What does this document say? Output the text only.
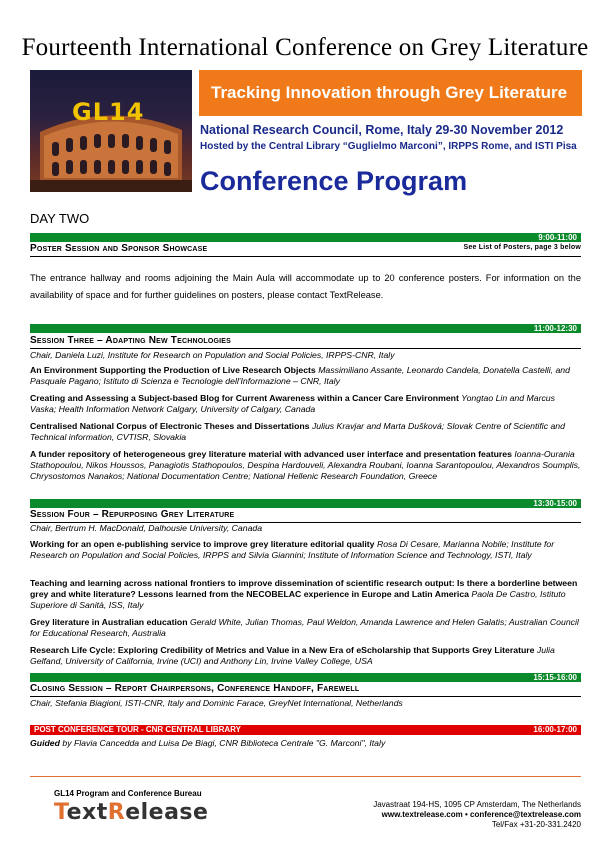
Fourteenth International Conference on Grey Literature
GL14
Tracking Innovation through Grey Literature
National Research Council, Rome, Italy 29-30 November 2012
Hosted by the Central Library “Guglielmo Marconi”, IRPPS Rome, and ISTI Pisa
Conference Program
DAY TWO
9:00-11:00
Poster Session and Sponsor Showcase	See List of Posters, page 3 below
The entrance hallway and rooms adjoining the Main Aula will accommodate up to 20 conference posters. For information on the availability of space and for further guidelines on posters, please contact TextRelease.
11:00-12:30
Session Three – Adapting New Technologies
Chair, Daniela Luzi, Institute for Research on Population and Social Policies, IRPPS-CNR, Italy
An Environment Supporting the Production of Live Research Objects Massimiliano Assante, Leonardo Candela, Donatella Castelli, and Pasquale Pagano; Istituto di Scienza e Tecnologie dell'Informazione – CNR, Italy
Creating and Assessing a Subject-based Blog for Current Awareness within a Cancer Care Environment Yongtao Lin and Marcus Vaska; Health Information Network Calgary, University of Calgary, Canada
Centralised National Corpus of Electronic Theses and Dissertations Julius Kravjar and Marta Dušková; Slovak Centre of Scientific and Technical information, CVTISR, Slovakia
A funder repository of heterogeneous grey literature material with advanced user interface and presentation features Ioanna-Ourania Stathopoulou, Nikos Houssos, Panagiotis Stathopoulos, Despina Hardouveli, Alexandra Roubani, Ioanna Sarantopoulou, Alexandros Soumplis, Chrysostomos Nanakos; National Documentation Centre; National Hellenic Research Foundation, Greece
13:30-15:00
Session Four – Repurposing Grey Literature
Chair, Bertrum H. MacDonald, Dalhousie University, Canada
Working for an open e-publishing service to improve grey literature editorial quality Rosa Di Cesare, Marianna Nobile; Institute for Research on Population and Social Policies, IRPPS and Silvia Giannini; Institute of Information Science and Technology, ISTI, Italy
Teaching and learning across national frontiers to improve dissemination of scientific research output: Is there a borderline between grey and white literature? Lessons learned from the NECOBELAC experience in Europe and Latin America Paola De Castro, Istituto Superiore di Sanità, ISS, Italy
Grey literature in Australian education Gerald White, Julian Thomas, Paul Weldon, Amanda Lawrence and Helen Galatis; Australian Council for Educational Research, Australia
Research Life Cycle: Exploring Credibility of Metrics and Value in a New Era of eScholarship that Supports Grey Literature Julia Gelfand, University of California, Irvine (UCI) and Anthony Lin, Irvine Valley College, USA
15:15-16:00
Closing Session – Report Chairpersons, Conference Handoff, Farewell
Chair, Stefania Biagioni, ISTI-CNR, Italy and Dominic Farace, GreyNet International, Netherlands
POST CONFERENCE TOUR - CNR CENTRAL LIBRARY	16:00-17:00
Guided by Flavia Cancedda and Luisa De Biagi, CNR Biblioteca Centrale "G. Marconi", Italy
GL14 Program and Conference Bureau
TextRelease	Javastraat 194-HS, 1095 CP Amsterdam, The Netherlands
www.textrelease.com • conference@textrelease.com
Tel/Fax +31-20-331.2420
